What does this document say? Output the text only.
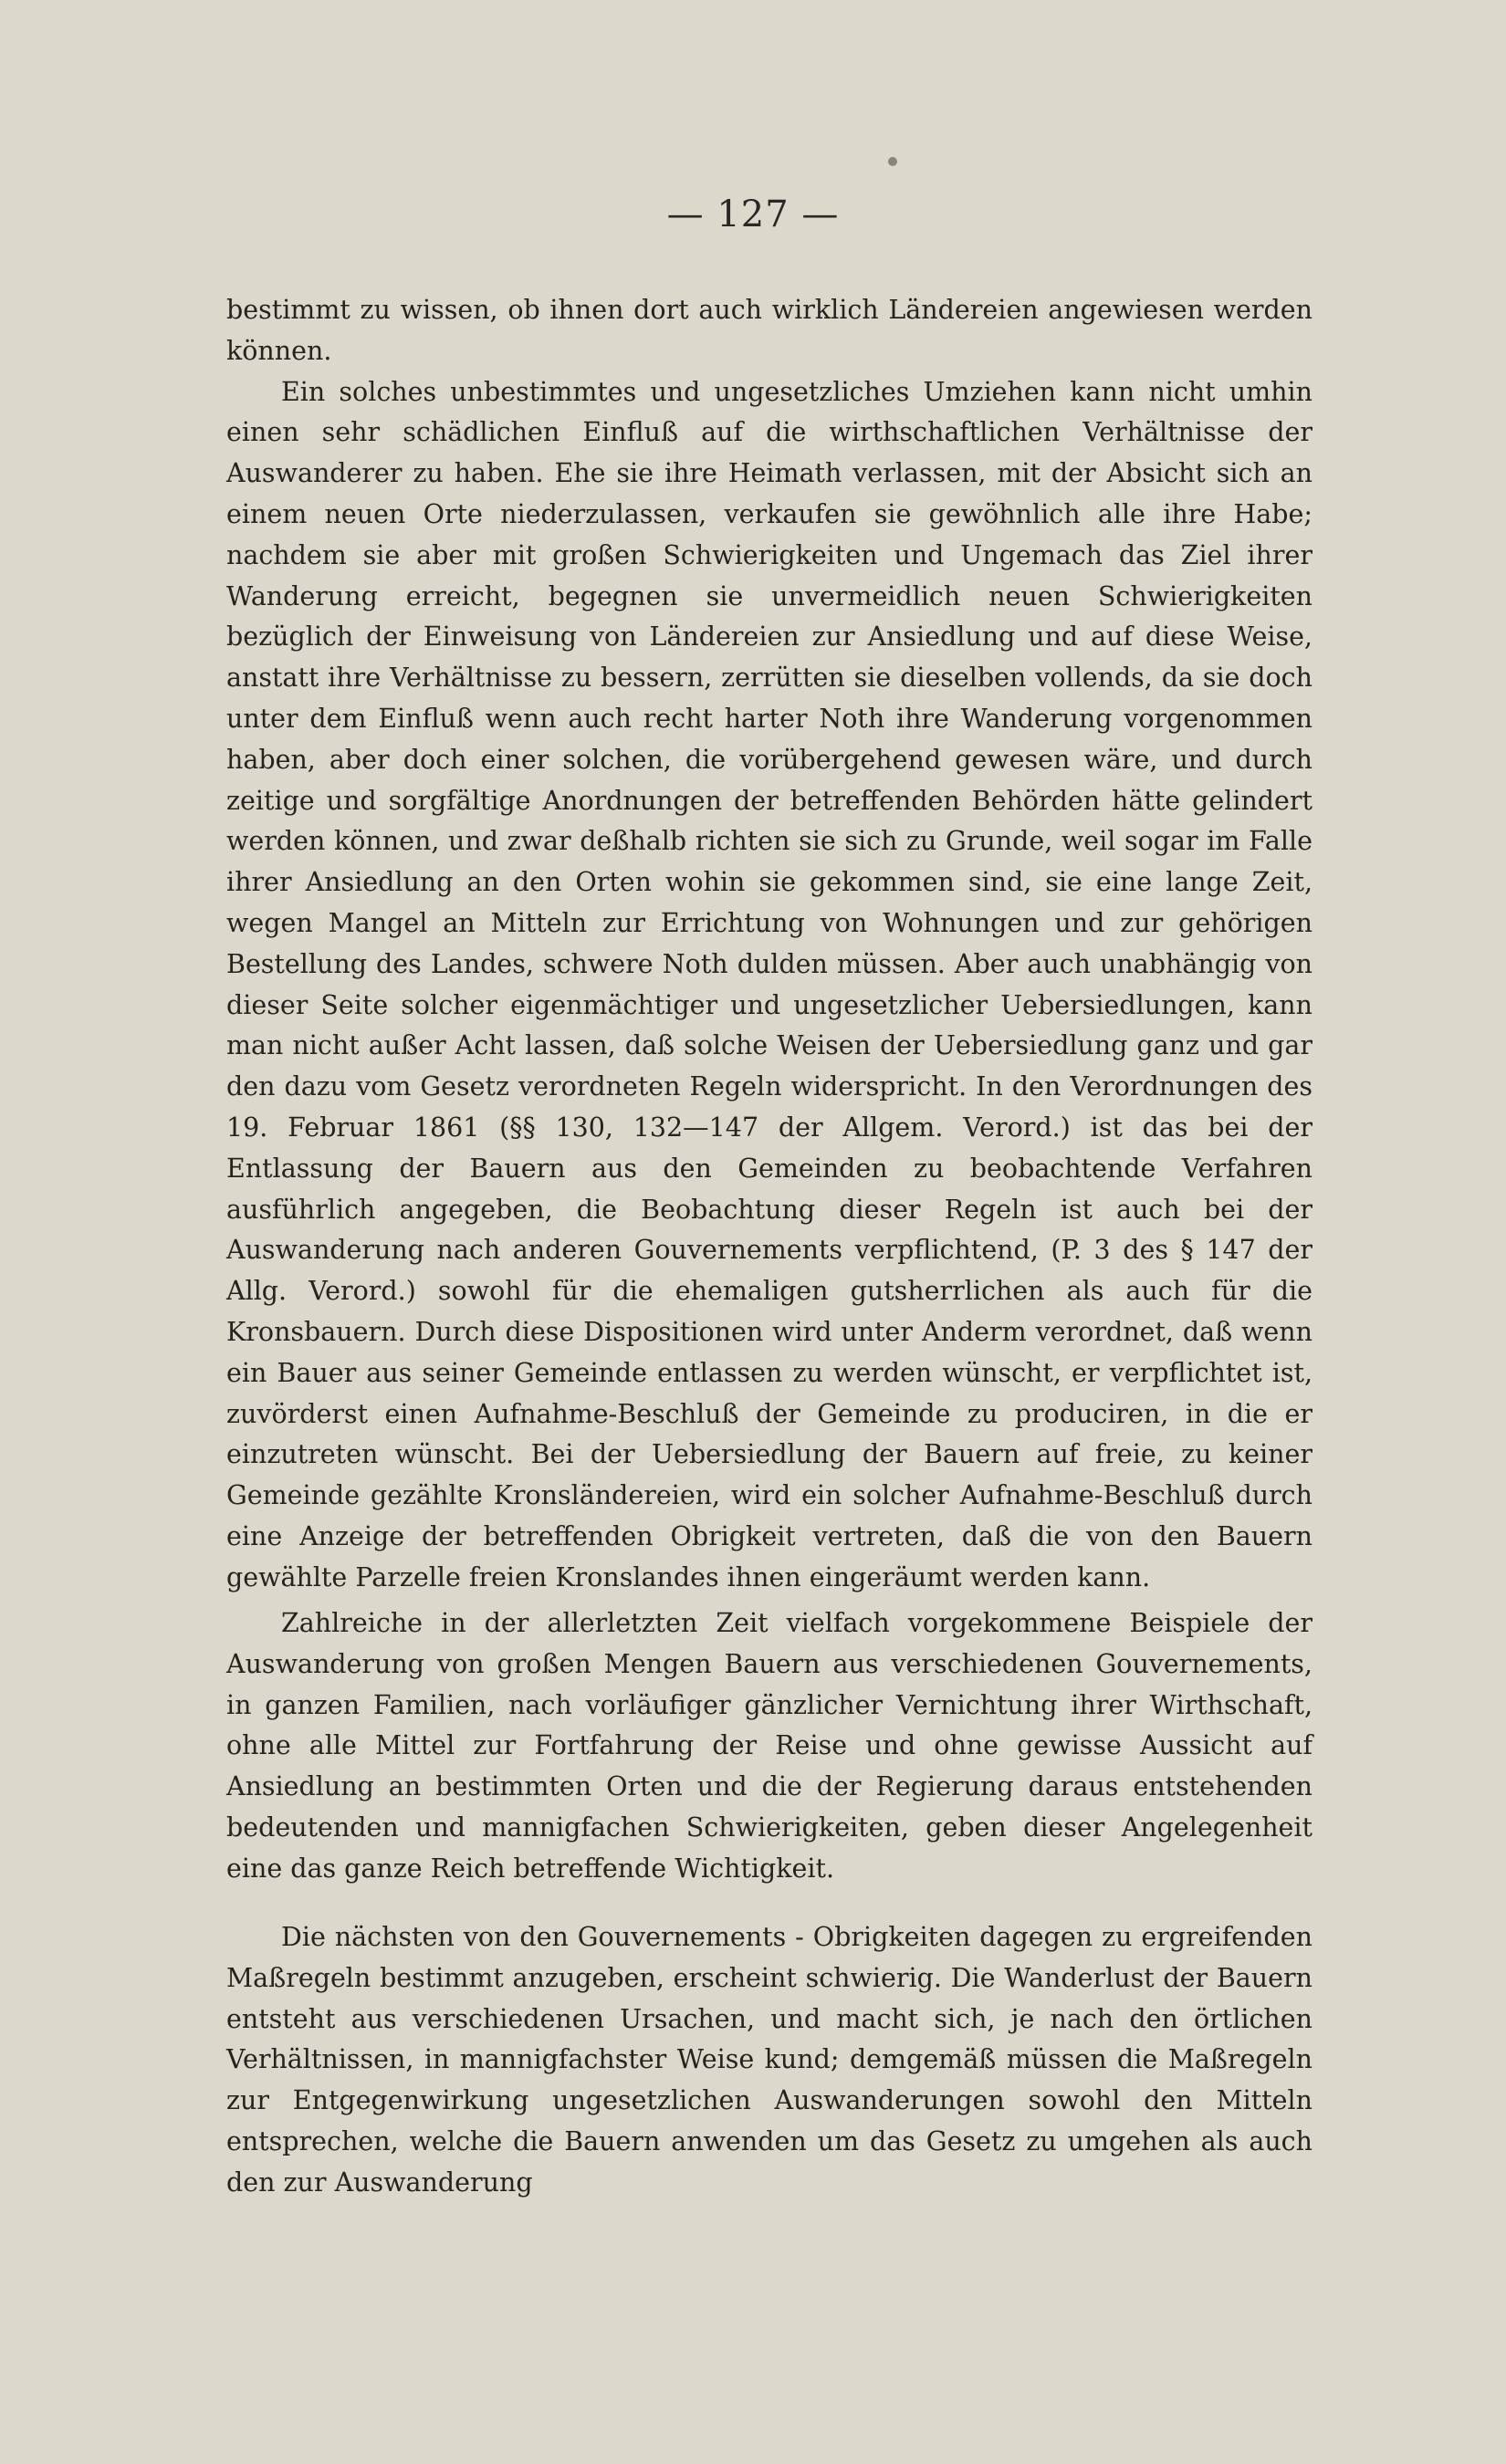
— 127 —

bestimmt zu wissen, ob ihnen dort auch wirklich Ländereien angewiesen werden können.

Ein solches unbestimmtes und ungesetzliches Umziehen kann nicht umhin einen sehr schädlichen Einfluß auf die wirthschaftlichen Verhältnisse der Auswanderer zu haben. Ehe sie ihre Heimath verlassen, mit der Absicht sich an einem neuen Orte niederzulassen, verkaufen sie gewöhnlich alle ihre Habe; nachdem sie aber mit großen Schwierigkeiten und Ungemach das Ziel ihrer Wanderung erreicht, begegnen sie unvermeidlich neuen Schwierigkeiten bezüglich der Einweisung von Ländereien zur Ansiedlung und auf diese Weise, anstatt ihre Verhältnisse zu bessern, zerrütten sie dieselben vollends, da sie doch unter dem Einfluß wenn auch recht harter Noth ihre Wanderung vorgenommen haben, aber doch einer solchen, die vorübergehend gewesen wäre, und durch zeitige und sorgfältige Anordnungen der betreffenden Behörden hätte gelindert werden können, und zwar deßhalb richten sie sich zu Grunde, weil sogar im Falle ihrer Ansiedlung an den Orten wohin sie gekommen sind, sie eine lange Zeit, wegen Mangel an Mitteln zur Errichtung von Wohnungen und zur gehörigen Bestellung des Landes, schwere Noth dulden müssen. Aber auch unabhängig von dieser Seite solcher eigenmächtiger und ungesetzlicher Uebersiedlungen, kann man nicht außer Acht lassen, daß solche Weisen der Uebersiedlung ganz und gar den dazu vom Gesetz verordneten Regeln widerspricht. In den Verordnungen des 19. Februar 1861 (§§ 130, 132—147 der Allgem. Verord.) ist das bei der Entlassung der Bauern aus den Gemeinden zu beobachtende Verfahren ausführlich angegeben, die Beobachtung dieser Regeln ist auch bei der Auswanderung nach anderen Gouvernements verpflichtend, (P. 3 des § 147 der Allg. Verord.) sowohl für die ehemaligen gutsherrlichen als auch für die Kronsbauern. Durch diese Dispositionen wird unter Anderm verordnet, daß wenn ein Bauer aus seiner Gemeinde entlassen zu werden wünscht, er verpflichtet ist, zuvörderst einen Aufnahme-Beschluß der Gemeinde zu produciren, in die er einzutreten wünscht. Bei der Uebersiedlung der Bauern auf freie, zu keiner Gemeinde gezählte Kronsländereien, wird ein solcher Aufnahme-Beschluß durch eine Anzeige der betreffenden Obrigkeit vertreten, daß die von den Bauern gewählte Parzelle freien Kronslandes ihnen eingeräumt werden kann.

Zahlreiche in der allerletzten Zeit vielfach vorgekommene Beispiele der Auswanderung von großen Mengen Bauern aus verschiedenen Gouvernements, in ganzen Familien, nach vorläufiger gänzlicher Vernichtung ihrer Wirthschaft, ohne alle Mittel zur Fortfahrung der Reise und ohne gewisse Aussicht auf Ansiedlung an bestimmten Orten und die der Regierung daraus entstehenden bedeutenden und mannigfachen Schwierigkeiten, geben dieser Angelegenheit eine das ganze Reich betreffende Wichtigkeit.

Die nächsten von den Gouvernements - Obrigkeiten dagegen zu ergreifenden Maßregeln bestimmt anzugeben, erscheint schwierig. Die Wanderlust der Bauern entsteht aus verschiedenen Ursachen, und macht sich, je nach den örtlichen Verhältnissen, in mannigfachster Weise kund; demgemäß müssen die Maßregeln zur Entgegenwirkung ungesetzlichen Auswanderungen sowohl den Mitteln entsprechen, welche die Bauern anwenden um das Gesetz zu umgehen als auch den zur Auswanderung
